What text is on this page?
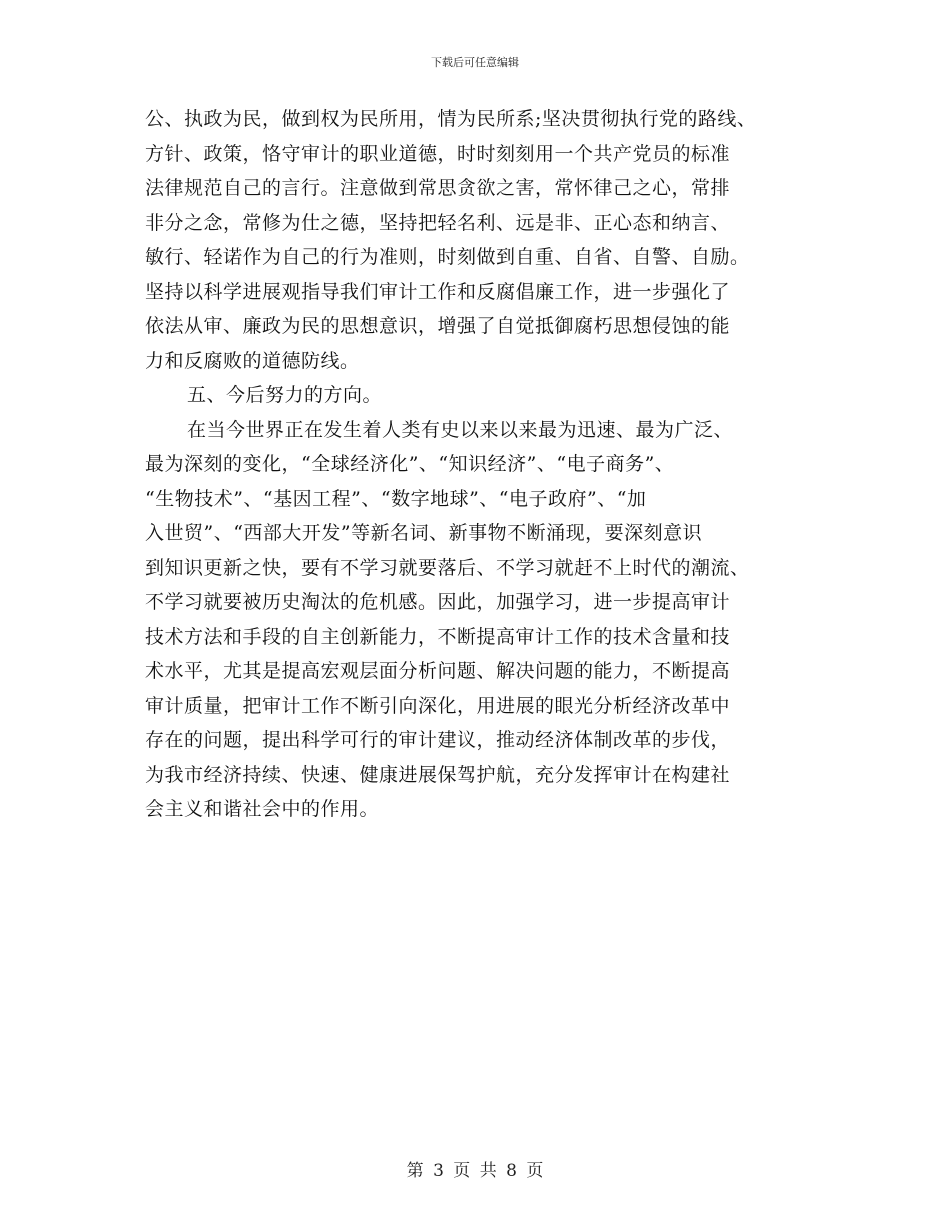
下载后可任意编辑
公、执政为民，做到权为民所用，情为民所系;坚决贯彻执行党的路线、
方针、政策，恪守审计的职业道德，时时刻刻用一个共产党员的标准
法律规范自己的言行。注意做到常思贪欲之害，常怀律己之心，常排
非分之念，常修为仕之德，坚持把轻名利、远是非、正心态和纳言、
敏行、轻诺作为自己的行为准则，时刻做到自重、自省、自警、自励。
坚持以科学进展观指导我们审计工作和反腐倡廉工作，进一步强化了
依法从审、廉政为民的思想意识，增强了自觉抵御腐朽思想侵蚀的能
力和反腐败的道德防线。
五、今后努力的方向。
在当今世界正在发生着人类有史以来以来最为迅速、最为广泛、
最为深刻的变化，“全球经济化”、“知识经济”、“电子商务”、
“生物技术”、“基因工程”、“数字地球”、“电子政府”、“加
入世贸”、“西部大开发”等新名词、新事物不断涌现，要深刻意识
到知识更新之快，要有不学习就要落后、不学习就赶不上时代的潮流、
不学习就要被历史淘汰的危机感。因此，加强学习，进一步提高审计
技术方法和手段的自主创新能力，不断提高审计工作的技术含量和技
术水平，尤其是提高宏观层面分析问题、解决问题的能力，不断提高
审计质量，把审计工作不断引向深化，用进展的眼光分析经济改革中
存在的问题，提出科学可行的审计建议，推动经济体制改革的步伐，
为我市经济持续、快速、健康进展保驾护航，充分发挥审计在构建社
会主义和谐社会中的作用。
第 3 页 共 8 页
